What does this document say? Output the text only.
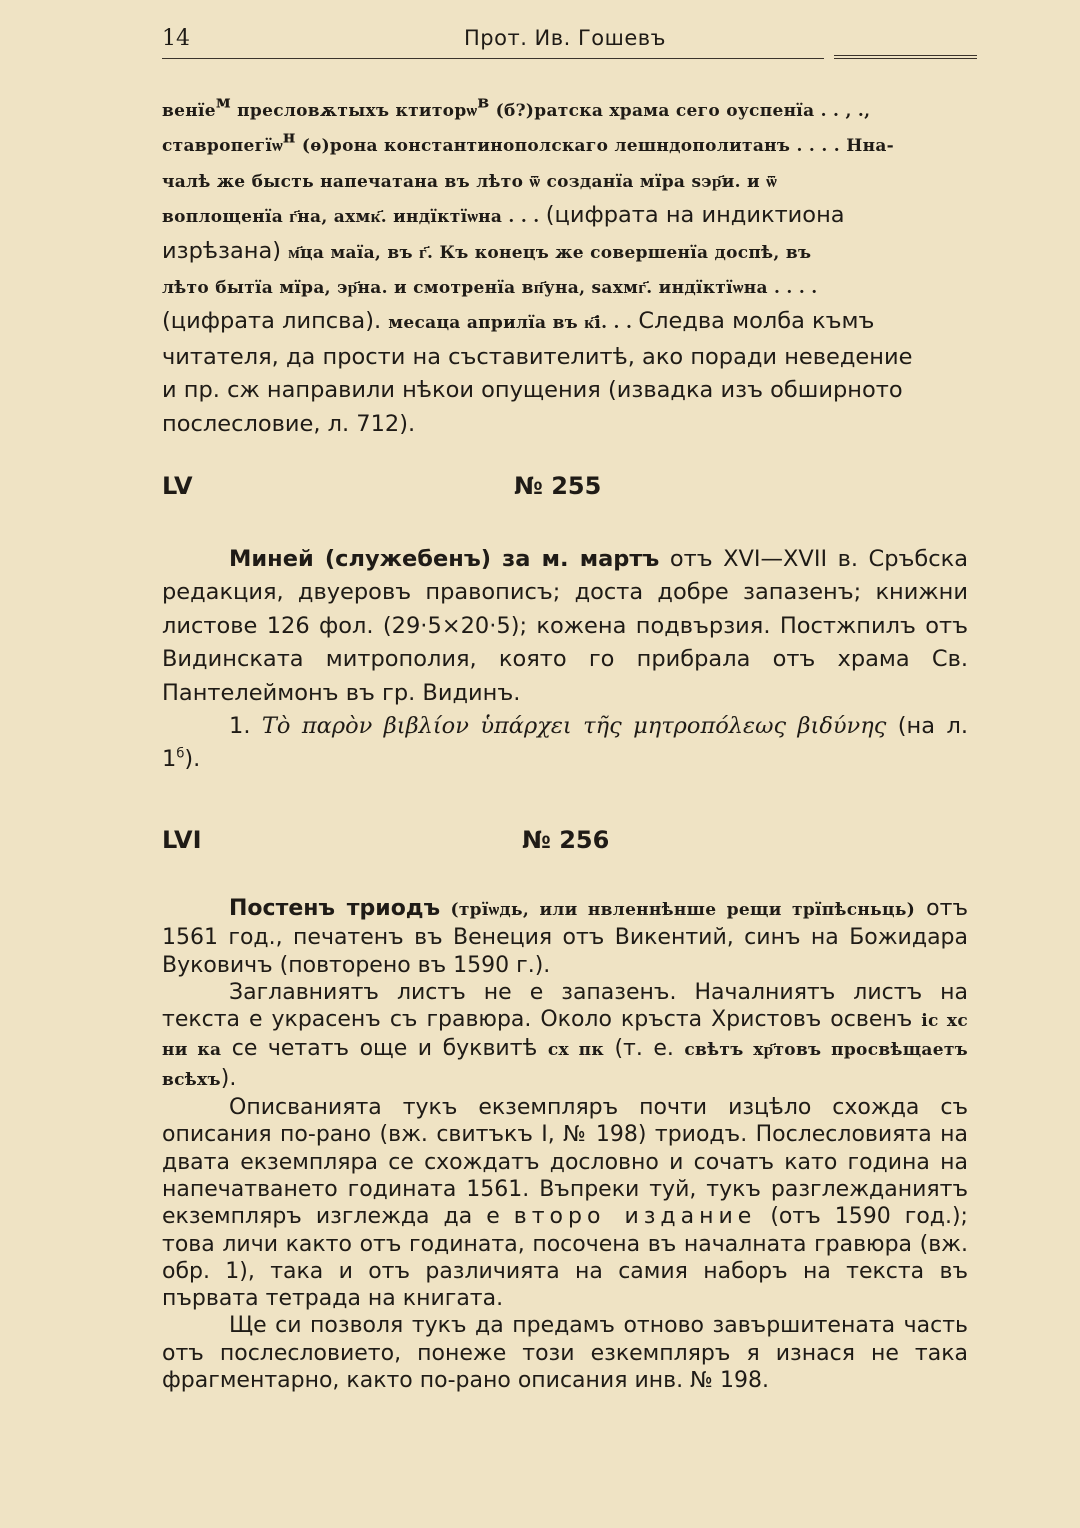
14	Прот. Ив. Гошевъ

венїе$^м$ пресловѫтыхъ ктиторѡ$^в$ (б?)ратска храма сего оуспенїа . . , .,

ставропегїѡ$^н$ (ѳ)рона константинополскаго лешндополитанъ . . . . Нна-

чалѣ же бысть напечатана въ лѣто ѿ созданїа мїра ѕэр҃и. и ѿ

воплощенїа г҃на, ахмк҃. индїктїѡна . . . (цифрата на индиктиона

изрѣзана) м҃ца маїа, въ г҃. Къ конецъ же совершенїа доспѣ, въ

лѣто бытїа мїра, эр҃на. и смотренїа вп҃уна, ѕахмг҃. индїктїѡна . . . .

(цифрата липсва). месаца априлїа въ к҃і. . . Следва молба къмъ

читателя, да прости на съставителитѣ, ако поради неведение

и пр. сж направили нѣкои опущения (извадка изъ обширното

послесловие, л. 712).

LV	№ 255

Миней (служебенъ) за м. мартъ отъ XVI—XVII в. Сръбска редакция, двуеровъ правописъ; доста добре запазенъ; книжни листове 126 фол. (29·5×20·5); кожена подвързия. Постжпилъ отъ Видинската митрополия, която го прибрала отъ храма Св. Пантелеймонъ въ гр. Видинъ.

1. Τὸ παρὸν βιβλίον ὑπάρχει τῆς μητροπόλεως βιδύνης (на л. $1^б$).

LVI	№ 256

Постенъ триодъ (трїѡдь, или нвленнѣнше рещи трїпѣсньць) отъ 1561 год., печатенъ въ Венеция отъ Викентий, синъ на Божидара Вуковичъ (повторено въ 1590 г.).

Заглавниятъ листъ не е запазенъ. Началниятъ листъ на текста е украсенъ съ гравюра. Около кръста Христовъ освенъ іс хс ни ка се четатъ още и буквитѣ сх пк (т. е. свѣтъ хр҃товъ просвѣщаетъ всѣхъ).

Описванията тукъ екземпляръ почти изцѣло схожда съ описания по-рано (вж. свитъкъ I, № 198) триодъ. Послесловията на двата екземпляра се схождатъ дословно и сочатъ като година на напечатването годината 1561. Въпреки туй, тукъ разглежданиятъ екземпляръ изглежда да е второ издание (отъ 1590 год.); това личи както отъ годината, посочена въ началната гравюра (вж. обр. 1), така и отъ различията на самия наборъ на текста въ първата тетрада на книгата.

Ще си позволя тукъ да предамъ отново завършитената часть отъ послесловието, понеже този езкемпляръ я изнася не така фрагментарно, както по-рано описания инв. № 198.
